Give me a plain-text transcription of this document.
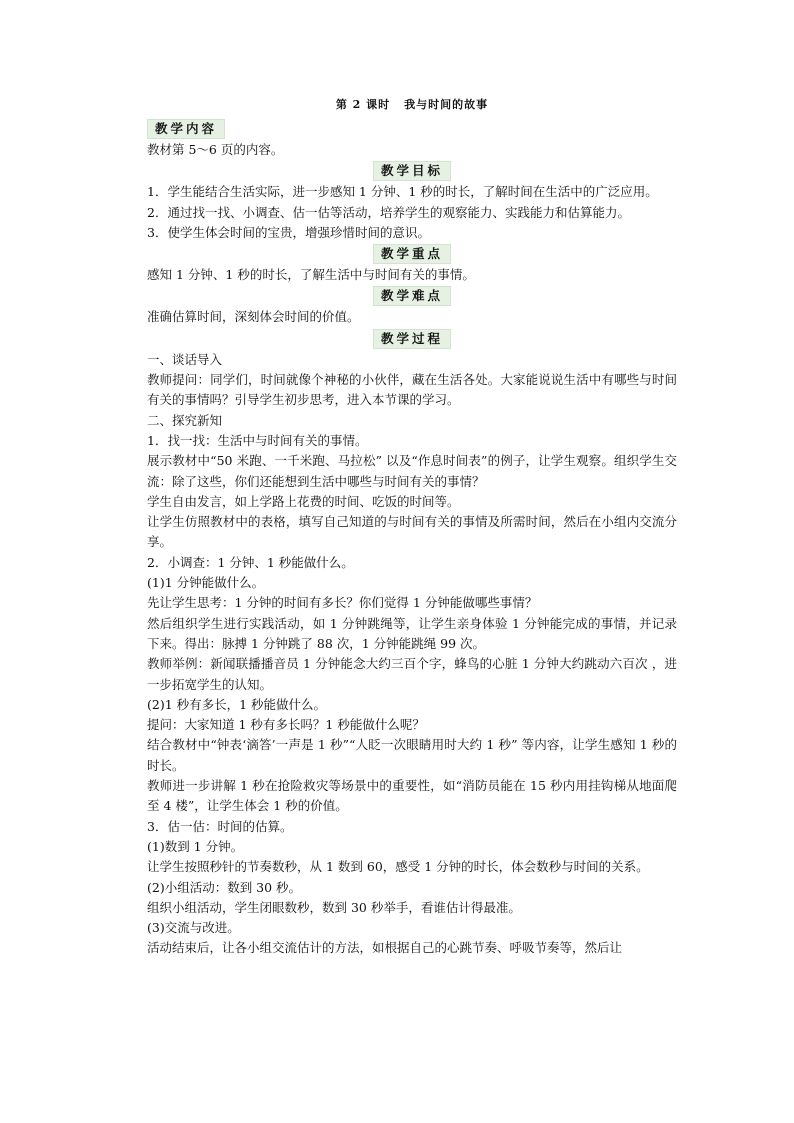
第 2 课时 我与时间的故事
教学内容

教材第 5～6 页的内容。

教学目标

1．学生能结合生活实际，进一步感知 1 分钟、1 秒的时长，了解时间在生活中的广泛应用。

2．通过找一找、小调查、估一估等活动，培养学生的观察能力、实践能力和估算能力。

3．使学生体会时间的宝贵，增强珍惜时间的意识。

教学重点

感知 1 分钟、1 秒的时长，了解生活中与时间有关的事情。

教学难点

准确估算时间，深刻体会时间的价值。

教学过程

一、谈话导入

教师提问：同学们，时间就像个神秘的小伙伴，藏在生活各处。大家能说说生活中有哪些与时间有关的事情吗？引导学生初步思考，进入本节课的学习。

二、探究新知

1．找一找：生活中与时间有关的事情。

展示教材中“50 米跑、一千米跑、马拉松” 以及“作息时间表”的例子，让学生观察。组织学生交流：除了这些，你们还能想到生活中哪些与时间有关的事情？

学生自由发言，如上学路上花费的时间、吃饭的时间等。

让学生仿照教材中的表格，填写自己知道的与时间有关的事情及所需时间，然后在小组内交流分享。

2．小调查：1 分钟、1 秒能做什么。

(1)1 分钟能做什么。

先让学生思考：1 分钟的时间有多长？你们觉得 1 分钟能做哪些事情？

然后组织学生进行实践活动，如 1 分钟跳绳等，让学生亲身体验 1 分钟能完成的事情，并记录下来。得出：脉搏 1 分钟跳了 88 次，1 分钟能跳绳 99 次。

教师举例：新闻联播播音员 1 分钟能念大约三百个字，蜂鸟的心脏 1 分钟大约跳动六百次 ，进一步拓宽学生的认知。

(2)1 秒有多长，1 秒能做什么。

提问：大家知道 1 秒有多长吗？1 秒能做什么呢？

结合教材中“钟表‘滴答’一声是 1 秒”“人眨一次眼睛用时大约 1 秒” 等内容，让学生感知 1 秒的时长。

教师进一步讲解 1 秒在抢险救灾等场景中的重要性，如“消防员能在 15 秒内用挂钩梯从地面爬至 4 楼”，让学生体会 1 秒的价值。

3．估一估：时间的估算。

(1)数到 1 分钟。

让学生按照秒针的节奏数秒，从 1 数到 60，感受 1 分钟的时长，体会数秒与时间的关系。

(2)小组活动：数到 30 秒。

组织小组活动，学生闭眼数秒，数到 30 秒举手，看谁估计得最准。

(3)交流与改进。

活动结束后，让各小组交流估计的方法，如根据自己的心跳节奏、呼吸节奏等，然后让
